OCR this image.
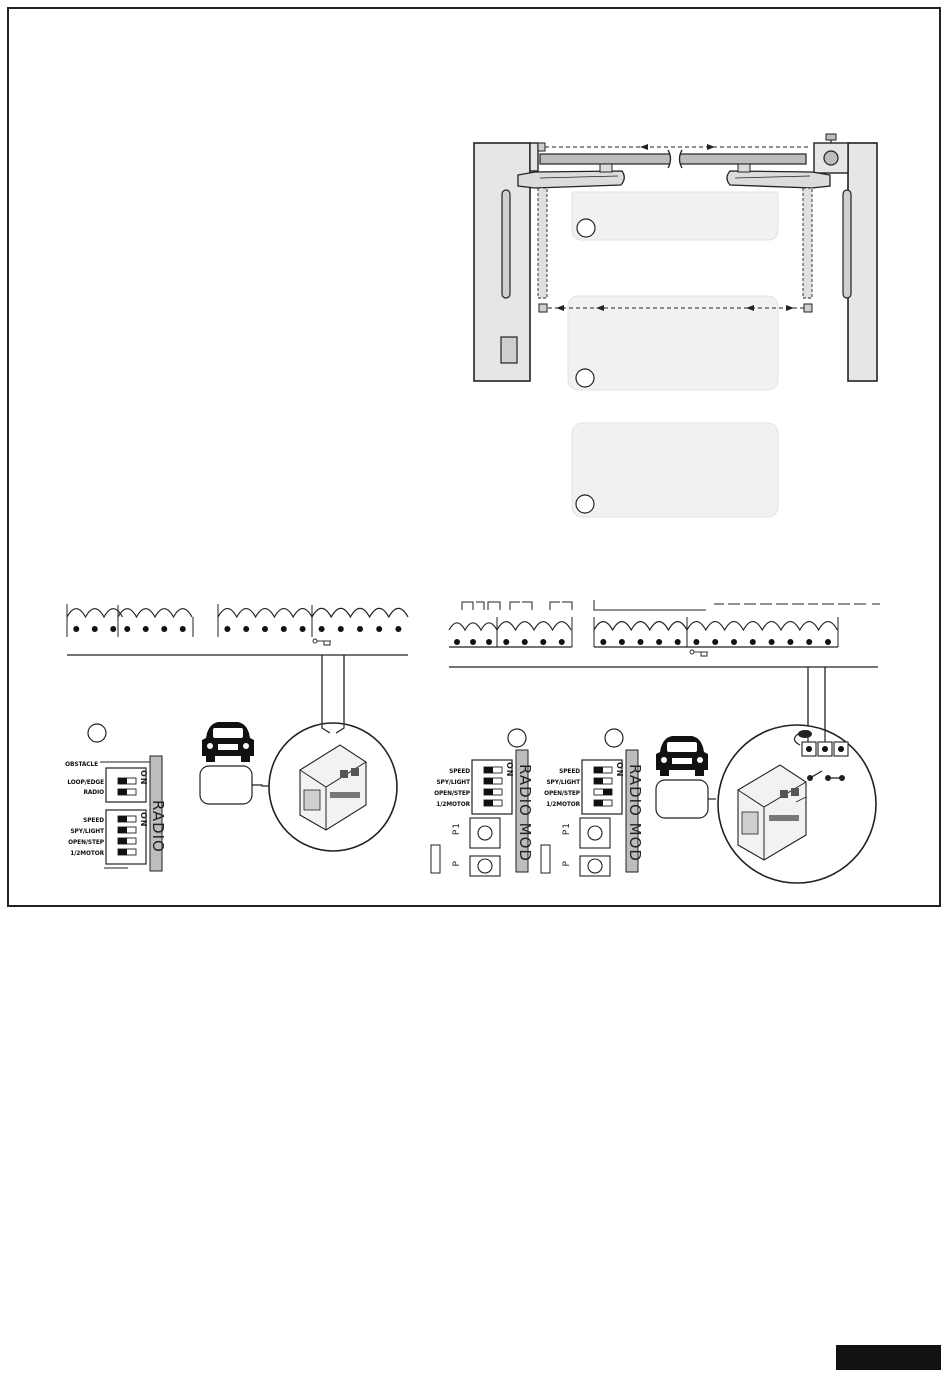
OBSTACLE
LOOP/EDGE
RADIO
SPEED
SPY/LIGHT
OPEN/STEP
1/2MOTOR
ON
ON RADIO
SPEED
SPY/LIGHT
OPEN/STEP
1/2MOTOR
ON RADIO MOD
P1
P
SPEED
SPY/LIGHT
OPEN/STEP
1/2MOTOR
ON RADIO MOD
P1
P
